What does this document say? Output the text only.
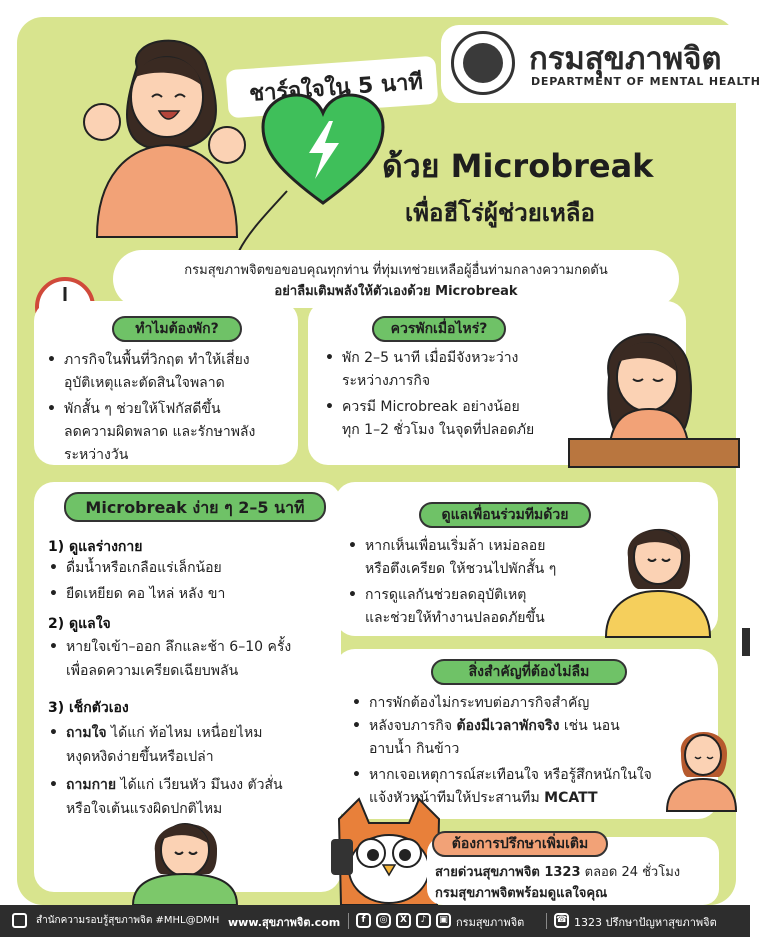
กรมสุขภาพจิต
DEPARTMENT OF MENTAL HEALTH
ชาร์จใจใน 5 นาที
ด้วย Microbreak
เพื่อฮีโร่ผู้ช่วยเหลือ
กรมสุขภาพจิตขอขอบคุณทุกท่าน ที่ทุ่มเทช่วยเหลือผู้อื่นท่ามกลางความกดดัน
อย่าลืมเติมพลังให้ตัวเองด้วย Microbreak
ทำไมต้องพัก?
• ภารกิจในพื้นที่วิกฤต ทำให้เสี่ยง
อุบัติเหตุและตัดสินใจพลาด
• พักสั้น ๆ ช่วยให้โฟกัสดีขึ้น
ลดความผิดพลาด และรักษาพลัง
ระหว่างวัน
ควรพักเมื่อไหร่?
• พัก 2–5 นาที เมื่อมีจังหวะว่าง
ระหว่างภารกิจ
• ควรมี Microbreak อย่างน้อย
ทุก 1–2 ชั่วโมง ในจุดที่ปลอดภัย
Microbreak ง่าย ๆ 2–5 นาที
1) ดูแลร่างกาย
• ดื่มน้ำหรือเกลือแร่เล็กน้อย
• ยืดเหยียด คอ ไหล่ หลัง ขา
2) ดูแลใจ
• หายใจเข้า–ออก ลึกและช้า 6–10 ครั้ง
เพื่อลดความเครียดเฉียบพลัน
3) เช็กตัวเอง
• ถามใจ ได้แก่ ท้อไหม เหนื่อยไหม
หงุดหงิดง่ายขึ้นหรือเปล่า
• ถามกาย ได้แก่ เวียนหัว มึนงง ตัวสั่น
หรือใจเต้นแรงผิดปกติไหม
ดูแลเพื่อนร่วมทีมด้วย
• หากเห็นเพื่อนเริ่มล้า เหม่อลอย
หรือตึงเครียด ให้ชวนไปพักสั้น ๆ
• การดูแลกันช่วยลดอุบัติเหตุ
และช่วยให้ทำงานปลอดภัยขึ้น
สิ่งสำคัญที่ต้องไม่ลืม
• การพักต้องไม่กระทบต่อภารกิจสำคัญ
• หลังจบภารกิจ ต้องมีเวลาพักจริง เช่น นอน
อาบน้ำ กินข้าว
• หากเจอเหตุการณ์สะเทือนใจ หรือรู้สึกหนักในใจ
แจ้งหัวหน้าทีมให้ประสานทีม MCATT
ต้องการปรึกษาเพิ่มเติม
สายด่วนสุขภาพจิต 1323 ตลอด 24 ชั่วโมง
กรมสุขภาพจิตพร้อมดูแลใจคุณ
สำนักความรอบรู้สุขภาพจิต #MHL@DMH www.สุขภาพจิต.com	f	◎	X	♪	▣ กรมสุขภาพจิต	☎ 1323 ปรึกษาปัญหาสุขภาพจิต
